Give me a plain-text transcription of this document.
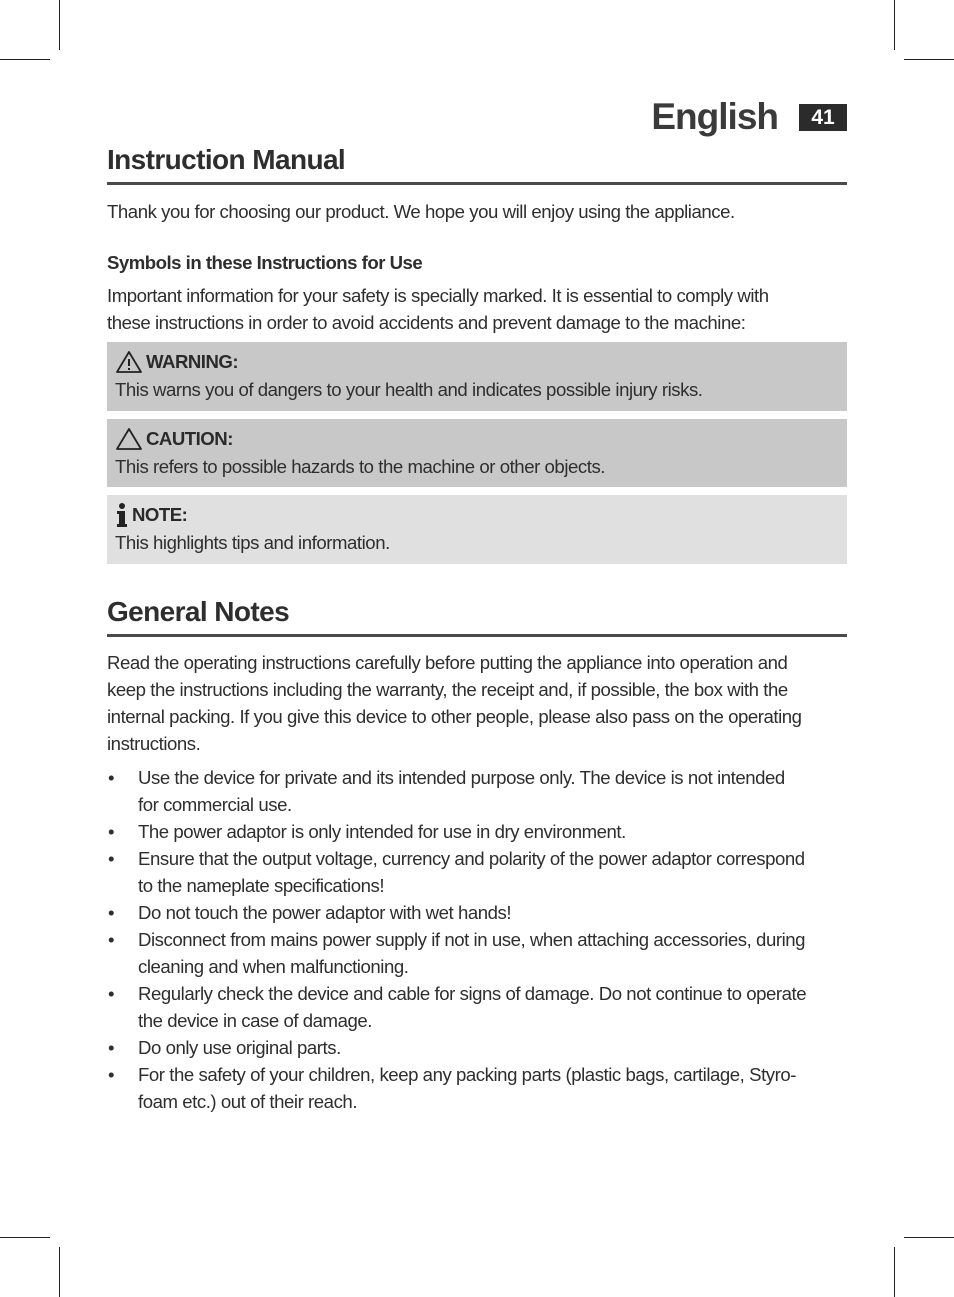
English	41
Instruction Manual
Thank you for choosing our product. We hope you will enjoy using the appliance.
Symbols in these Instructions for Use
Important information for your safety is specially marked. It is essential to comply with
these instructions in order to avoid accidents and prevent damage to the machine:
WARNING:
This warns you of dangers to your health and indicates possible injury risks.
CAUTION:
This refers to possible hazards to the machine or other objects.
NOTE:
This highlights tips and information.
General Notes
Read the operating instructions carefully before putting the appliance into operation and
keep the instructions including the warranty, the receipt and, if possible, the box with the
internal packing. If you give this device to other people, please also pass on the operating
instructions.
• Use the device for private and its intended purpose only. The device is not intended
for commercial use.
• The power adaptor is only intended for use in dry environment.
• Ensure that the output voltage, currency and polarity of the power adaptor correspond
to the nameplate specifications!
• Do not touch the power adaptor with wet hands!
• Disconnect from mains power supply if not in use, when attaching accessories, during
cleaning and when malfunctioning.
• Regularly check the device and cable for signs of damage. Do not continue to operate
the device in case of damage.
• Do only use original parts.
• For the safety of your children, keep any packing parts (plastic bags, cartilage, Styro-
foam etc.) out of their reach.
